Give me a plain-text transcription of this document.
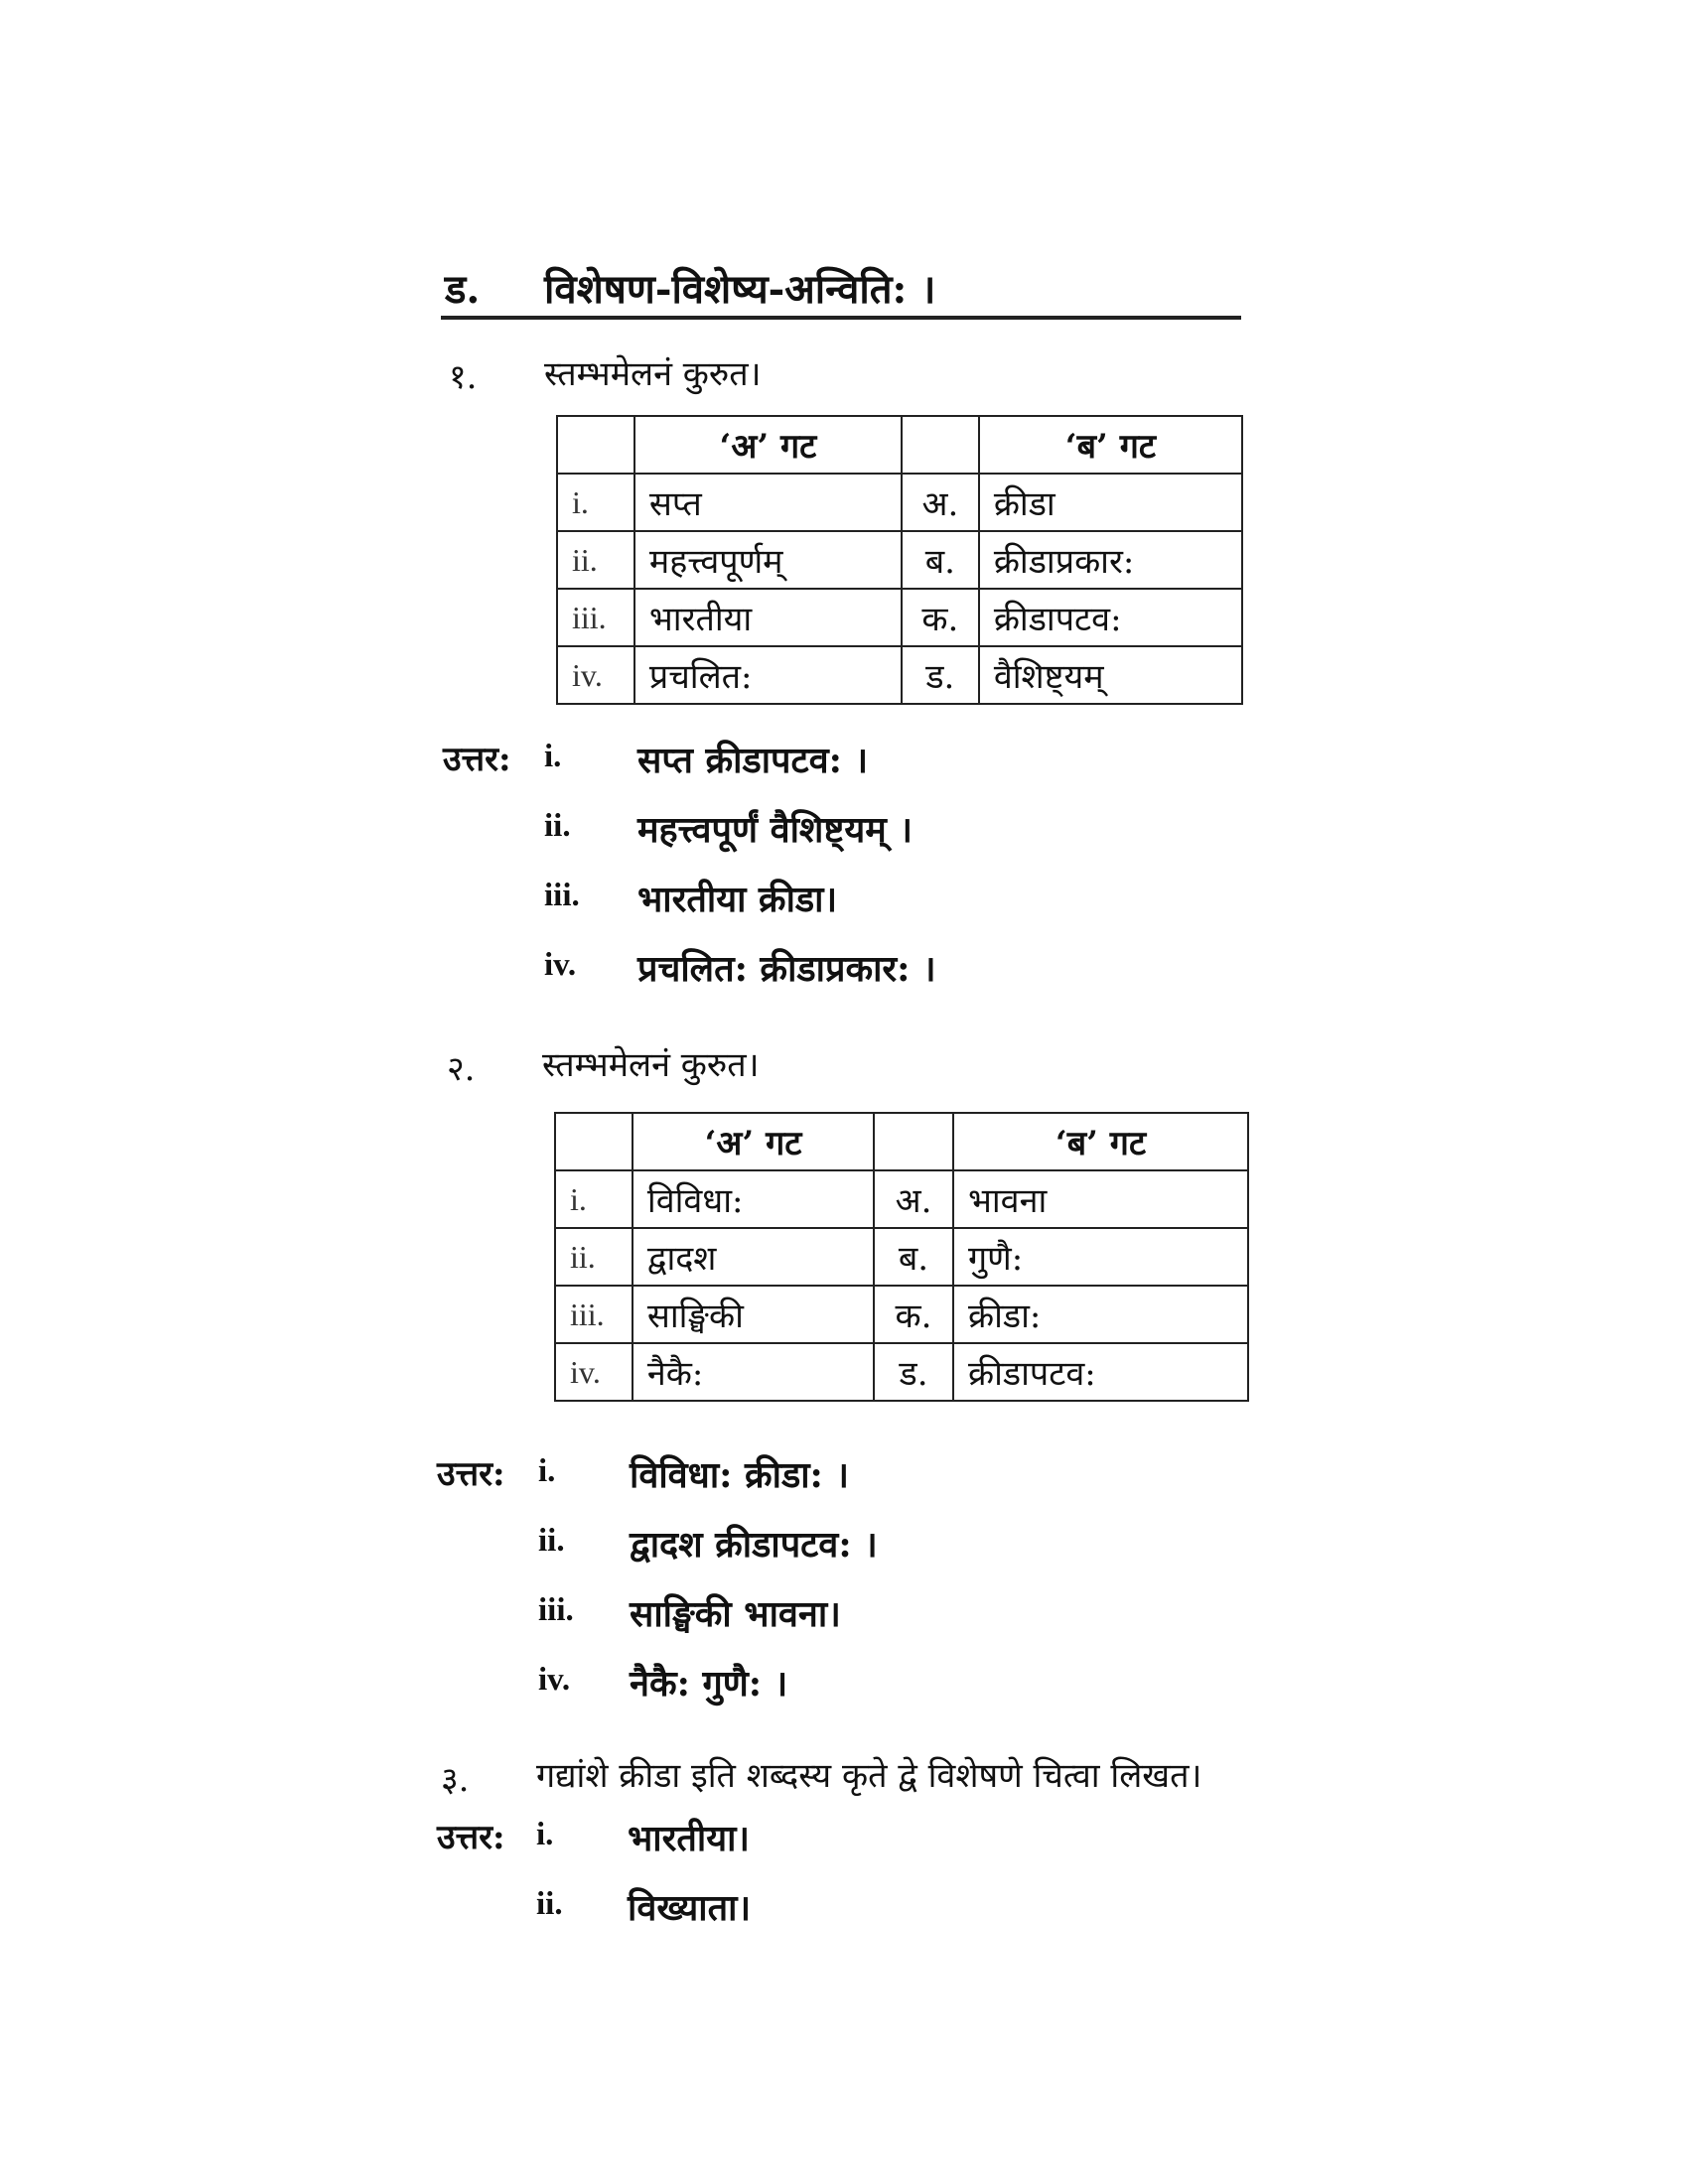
ड. विशेषण-विशेष्य-अन्विति: ।
१. स्तम्भमेलनं कुरुत।
	‘अ’ गट		‘ब’ गट
i.	सप्त	अ.	क्रीडा
ii.	महत्त्वपूर्णम्	ब.	क्रीडाप्रकार:
iii.	भारतीया	क.	क्रीडापटव:
iv.	प्रचलित:	ड.	वैशिष्ट्यम्
उत्तर: i. सप्त क्रीडापटव: ।
ii. महत्त्वपूर्णं वैशिष्ट्यम् ।
iii. भारतीया क्रीडा।
iv. प्रचलित: क्रीडाप्रकार: ।
२. स्तम्भमेलनं कुरुत।
	‘अ’ गट		‘ब’ गट
i.	विविधा:	अ.	भावना
ii.	द्वादश	ब.	गुणै:
iii.	साङ्घिकी	क.	क्रीडा:
iv.	नैकै:	ड.	क्रीडापटव:
उत्तर: i. विविधा: क्रीडा: ।
ii. द्वादश क्रीडापटव: ।
iii. साङ्घिकी भावना।
iv. नैकै: गुणै: ।
३. गद्यांशे क्रीडा इति शब्दस्य कृते द्वे विशेषणे चित्वा लिखत।
उत्तर: i. भारतीया।
ii. विख्याता।
